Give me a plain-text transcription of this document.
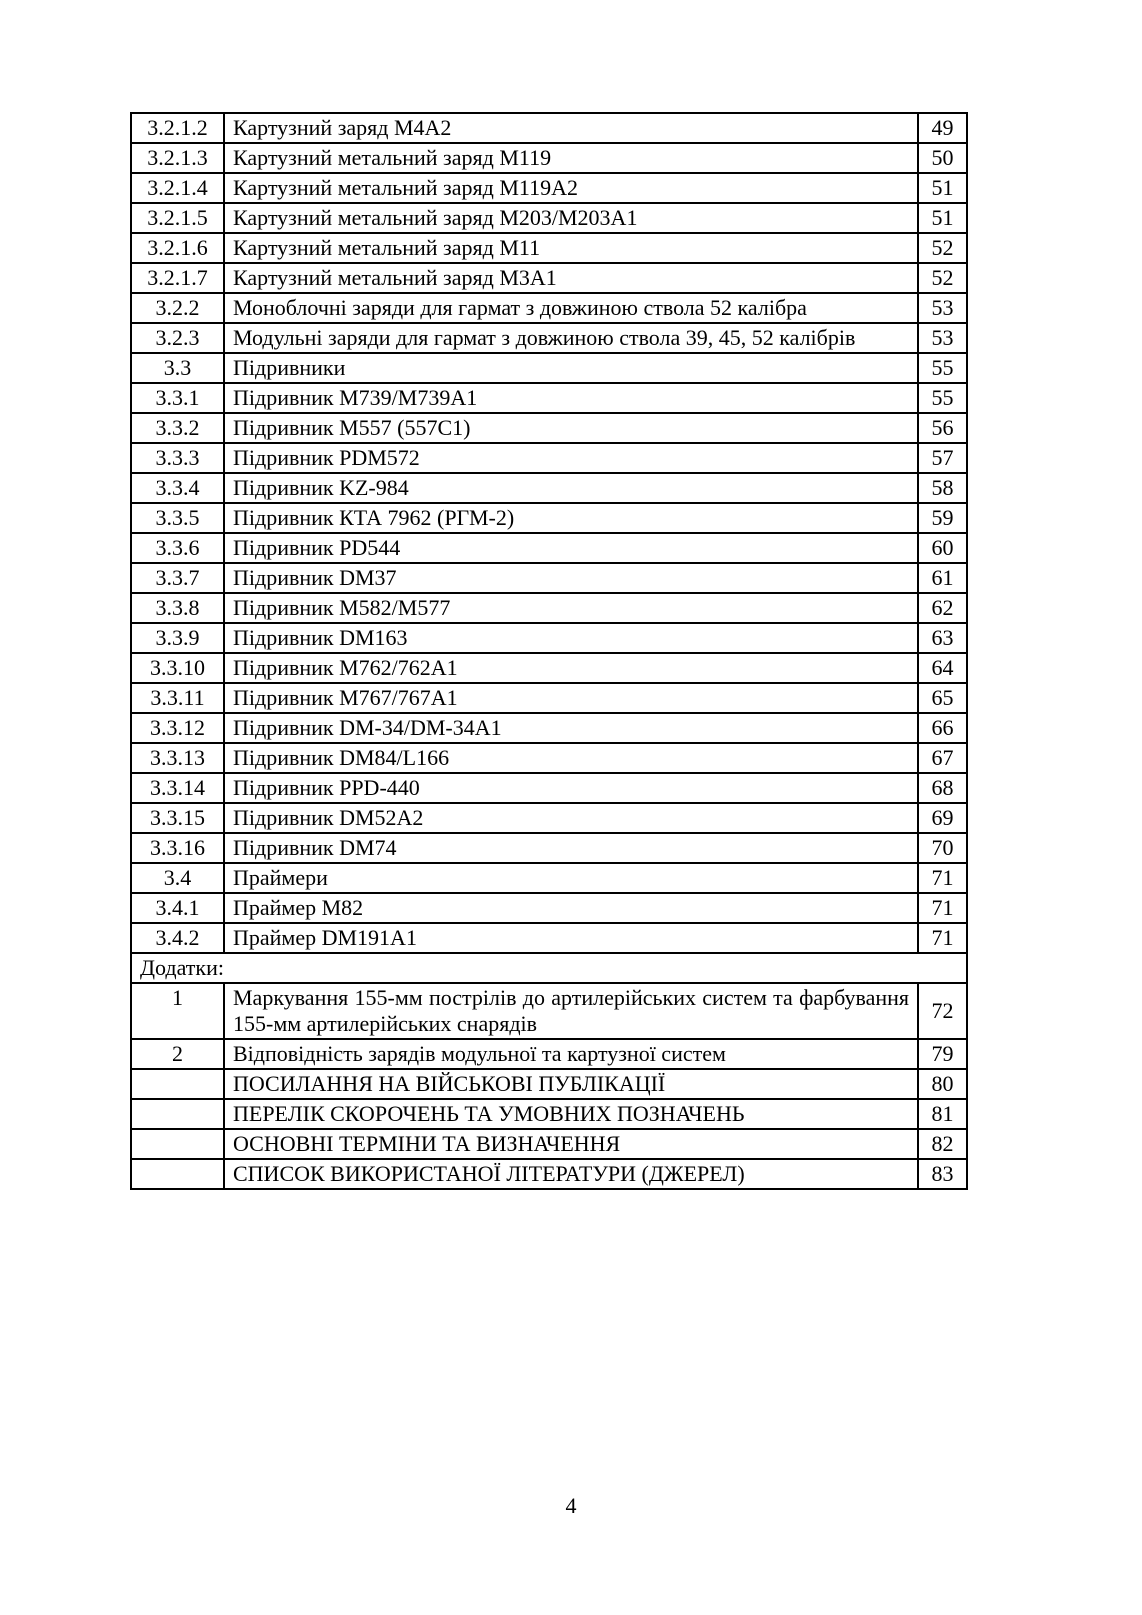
3.2.1.2	Картузний заряд М4А2	49
3.2.1.3	Картузний метальний заряд М119	50
3.2.1.4	Картузний метальний заряд М119А2	51
3.2.1.5	Картузний метальний заряд М203/М203А1	51
3.2.1.6	Картузний метальний заряд М11	52
3.2.1.7	Картузний метальний заряд М3А1	52
3.2.2	Моноблочні заряди для гармат з довжиною ствола 52 калібра	53
3.2.3	Модульні заряди для гармат з довжиною ствола 39, 45, 52 калібрів	53
3.3	Підривники	55
3.3.1	Підривник М739/М739А1	55
3.3.2	Підривник М557 (557С1)	56
3.3.3	Підривник PDM572	57
3.3.4	Підривник KZ-984	58
3.3.5	Підривник КТА 7962 (РГМ-2)	59
3.3.6	Підривник PD544	60
3.3.7	Підривник DM37	61
3.3.8	Підривник М582/М577	62
3.3.9	Підривник DM163	63
3.3.10	Підривник М762/762А1	64
3.3.11	Підривник М767/767А1	65
3.3.12	Підривник DM-34/DM-34А1	66
3.3.13	Підривник DM84/L166	67
3.3.14	Підривник PPD-440	68
3.3.15	Підривник DM52А2	69
3.3.16	Підривник DM74	70
3.4	Праймери	71
3.4.1	Праймер М82	71
3.4.2	Праймер DM191А1	71
Додатки:		
1	Маркування 155-мм пострілів до артилерійських систем та фарбування 155-мм артилерійських снарядів	72
2	Відповідність зарядів модульної та картузної систем	79
	ПОСИЛАННЯ НА ВІЙСЬКОВІ ПУБЛІКАЦІЇ	80
	ПЕРЕЛІК СКОРОЧЕНЬ ТА УМОВНИХ ПОЗНАЧЕНЬ	81
	ОСНОВНІ ТЕРМІНИ ТА ВИЗНАЧЕННЯ	82
	СПИСОК ВИКОРИСТАНОЇ ЛІТЕРАТУРИ (ДЖЕРЕЛ)	83
4
